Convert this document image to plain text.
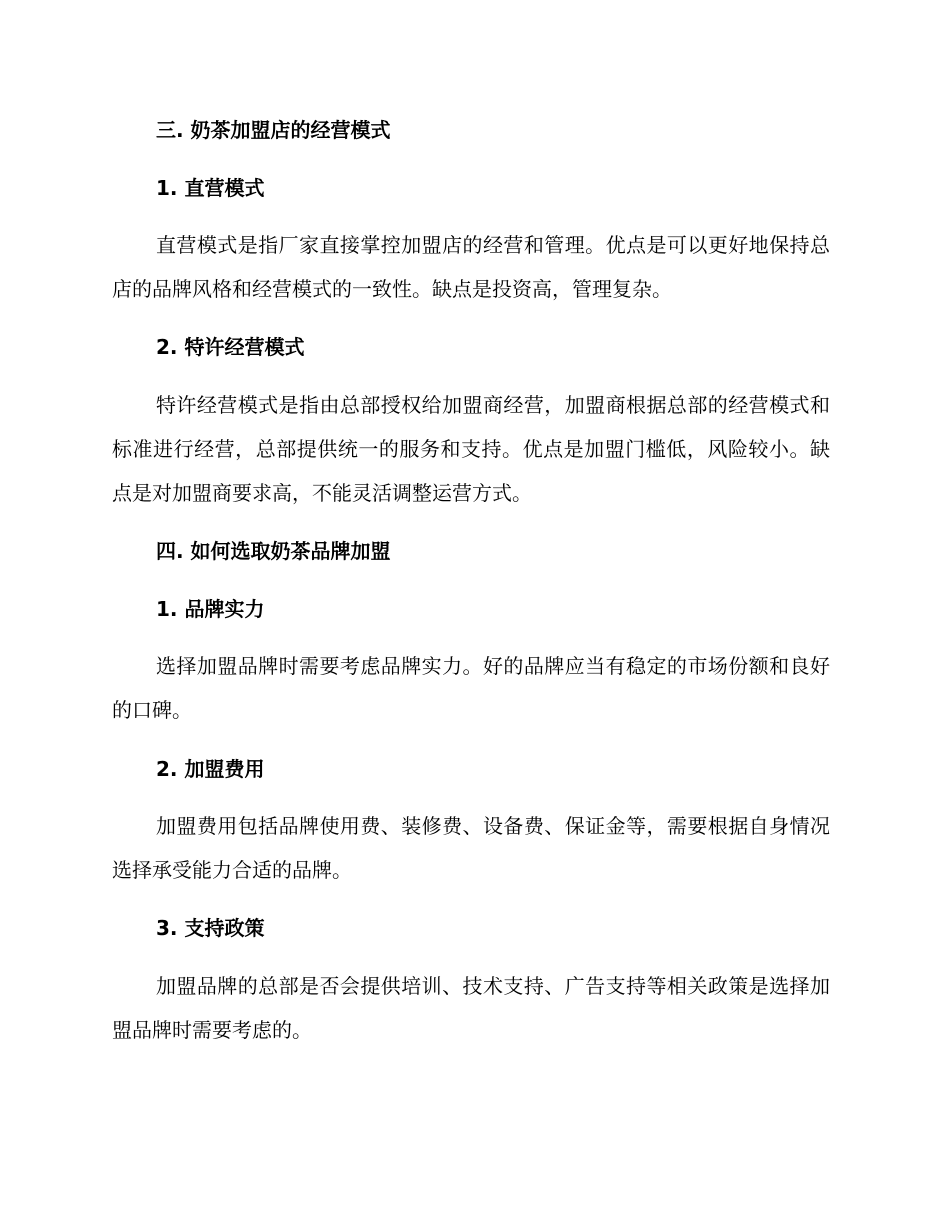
三. 奶茶加盟店的经营模式
1. 直营模式

直营模式是指厂家直接掌控加盟店的经营和管理。优点是可以更好地保持总店的品牌风格和经营模式的一致性。缺点是投资高，管理复杂。

2. 特许经营模式

特许经营模式是指由总部授权给加盟商经营，加盟商根据总部的经营模式和标准进行经营，总部提供统一的服务和支持。优点是加盟门槛低，风险较小。缺点是对加盟商要求高，不能灵活调整运营方式。

四. 如何选取奶茶品牌加盟
1. 品牌实力

选择加盟品牌时需要考虑品牌实力。好的品牌应当有稳定的市场份额和良好的口碑。

2. 加盟费用

加盟费用包括品牌使用费、装修费、设备费、保证金等，需要根据自身情况选择承受能力合适的品牌。

3. 支持政策

加盟品牌的总部是否会提供培训、技术支持、广告支持等相关政策是选择加盟品牌时需要考虑的。
